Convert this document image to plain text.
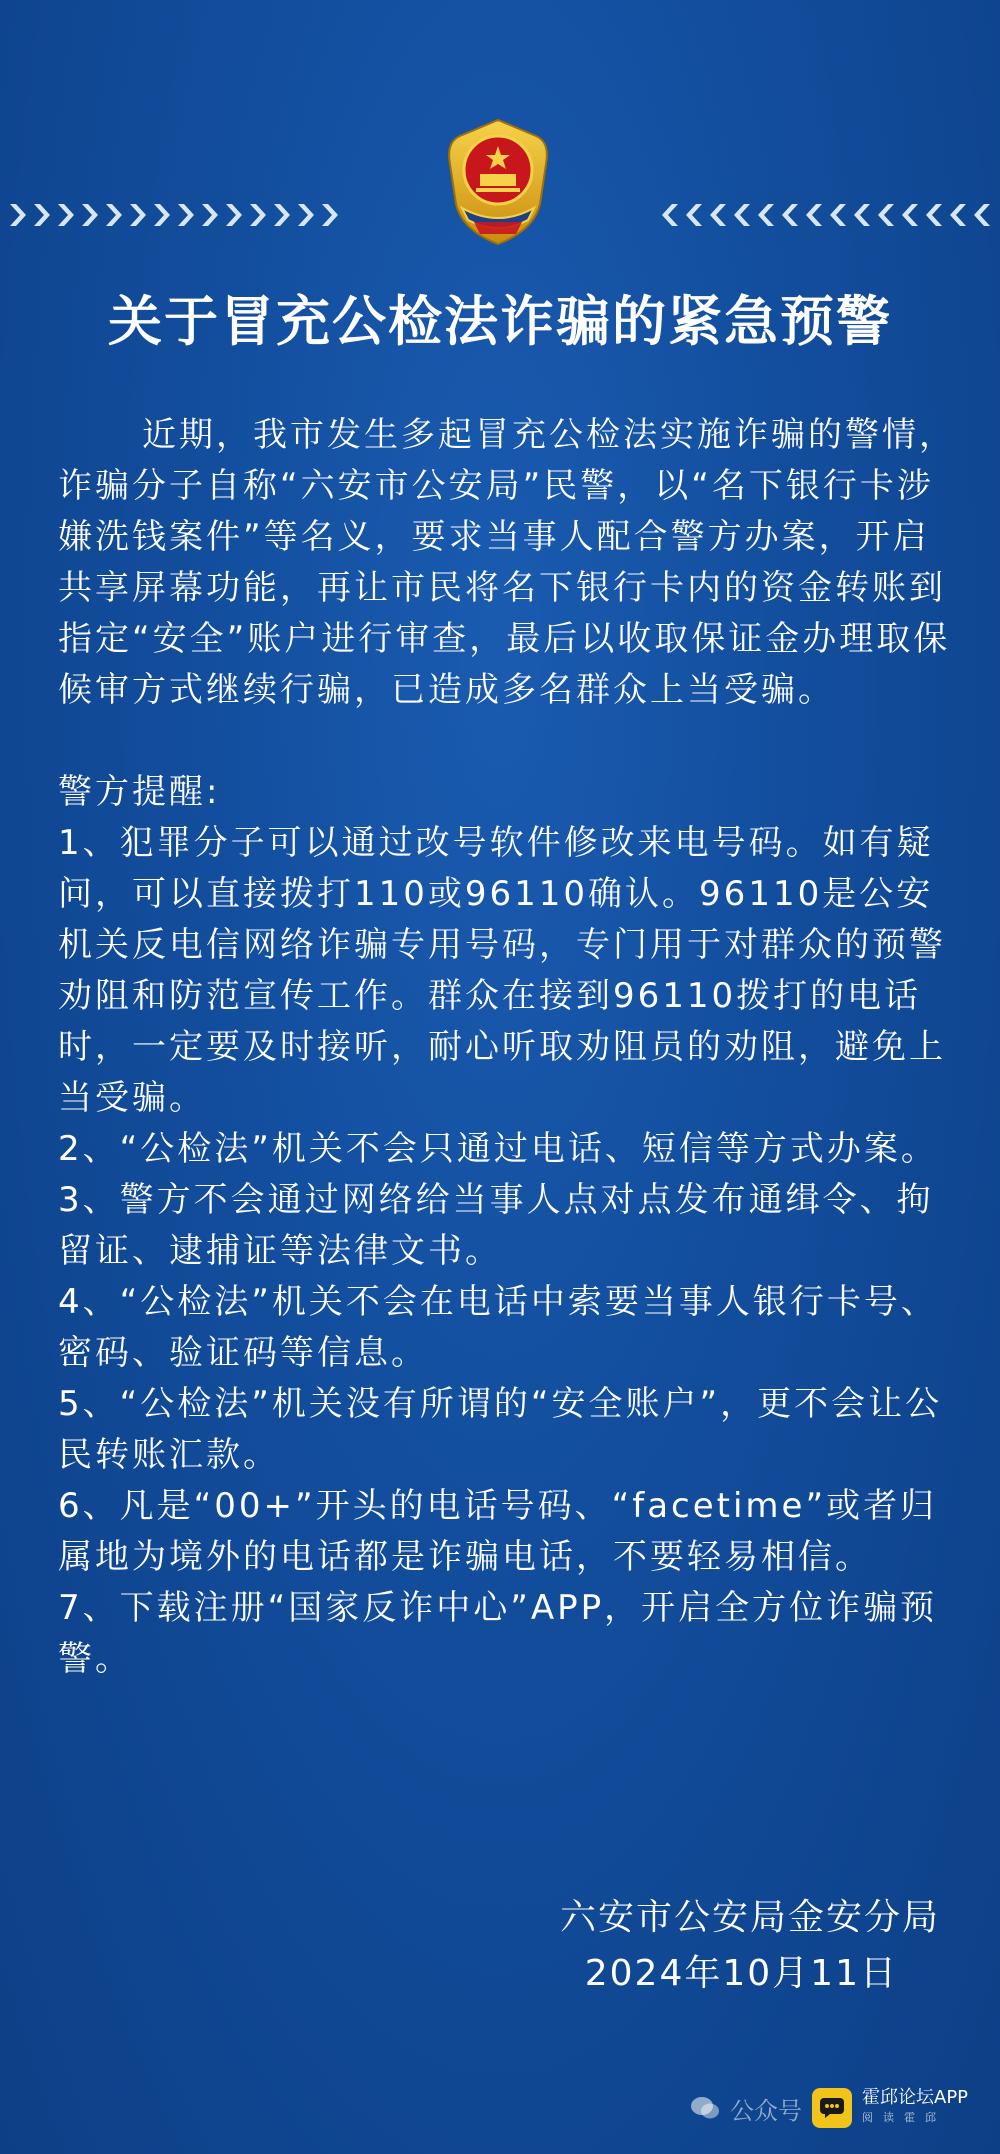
关于冒充公检法诈骗的紧急预警

近期，我市发生多起冒充公检法实施诈骗的警情，诈骗分子自称“六安市公安局”民警，以“名下银行卡涉嫌洗钱案件”等名义，要求当事人配合警方办案，开启共享屏幕功能，再让市民将名下银行卡内的资金转账到指定“安全”账户进行审查，最后以收取保证金办理取保候审方式继续行骗，已造成多名群众上当受骗。

警方提醒:

1、犯罪分子可以通过改号软件修改来电号码。如有疑问，可以直接拨打110或96110确认。96110是公安机关反电信网络诈骗专用号码，专门用于对群众的预警劝阻和防范宣传工作。群众在接到96110拨打的电话时，一定要及时接听，耐心听取劝阻员的劝阻，避免上当受骗。

2、“公检法”机关不会只通过电话、短信等方式办案。

3、警方不会通过网络给当事人点对点发布通缉令、拘留证、逮捕证等法律文书。

4、“公检法”机关不会在电话中索要当事人银行卡号、密码、验证码等信息。

5、“公检法”机关没有所谓的“安全账户”，更不会让公民转账汇款。

6、凡是“00+”开头的电话号码、“facetime”或者归属地为境外的电话都是诈骗电话，不要轻易相信。

7、下载注册“国家反诈中心”APP，开启全方位诈骗预警。

六安市公安局金安分局
2024年10月11日
公众号	霍邱论坛APP
阅读霍邱
